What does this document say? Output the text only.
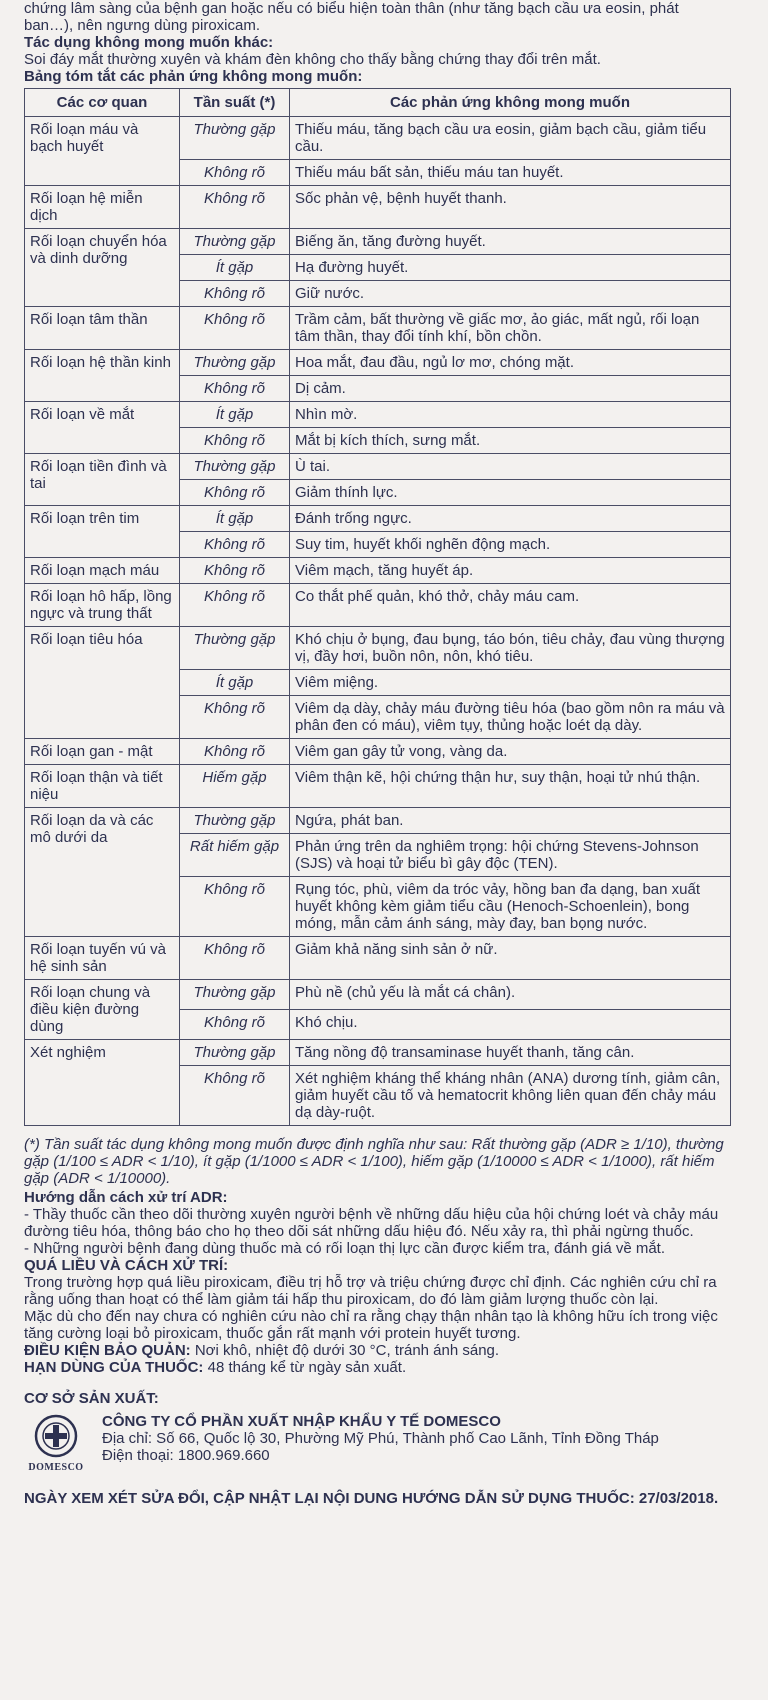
chứng lâm sàng của bệnh gan hoặc nếu có biểu hiện toàn thân (như tăng bạch cầu ưa eosin, phát

ban…), nên ngưng dùng piroxicam.

Tác dụng không mong muốn khác:

Soi đáy mắt thường xuyên và khám đèn không cho thấy bằng chứng thay đổi trên mắt.

Bảng tóm tắt các phản ứng không mong muốn:

Các cơ quan	Tần suất (*)	Các phản ứng không mong muốn
Rối loạn máu và bạch huyết	Thường gặp	Thiếu máu, tăng bạch cầu ưa eosin, giảm bạch cầu, giảm tiểu cầu.
	Không rõ	Thiếu máu bất sản, thiếu máu tan huyết.
Rối loạn hệ miễn dịch	Không rõ	Sốc phản vệ, bệnh huyết thanh.
Rối loạn chuyển hóa và dinh dưỡng	Thường gặp	Biếng ăn, tăng đường huyết.
	Ít gặp	Hạ đường huyết.
	Không rõ	Giữ nước.
Rối loạn tâm thần	Không rõ	Trầm cảm, bất thường về giấc mơ, ảo giác, mất ngủ, rối loạn tâm thần, thay đổi tính khí, bồn chồn.
Rối loạn hệ thần kinh	Thường gặp	Hoa mắt, đau đầu, ngủ lơ mơ, chóng mặt.
	Không rõ	Dị cảm.
Rối loạn về mắt	Ít gặp	Nhìn mờ.
	Không rõ	Mắt bị kích thích, sưng mắt.
Rối loạn tiền đình và tai	Thường gặp	Ù tai.
	Không rõ	Giảm thính lực.
Rối loạn trên tim	Ít gặp	Đánh trống ngực.
	Không rõ	Suy tim, huyết khối nghẽn động mạch.
Rối loạn mạch máu	Không rõ	Viêm mạch, tăng huyết áp.
Rối loạn hô hấp, lồng ngực và trung thất	Không rõ	Co thắt phế quản, khó thở, chảy máu cam.
Rối loạn tiêu hóa	Thường gặp	Khó chịu ở bụng, đau bụng, táo bón, tiêu chảy, đau vùng thượng vị, đầy hơi, buồn nôn, nôn, khó tiêu.
	Ít gặp	Viêm miệng.
	Không rõ	Viêm dạ dày, chảy máu đường tiêu hóa (bao gồm nôn ra máu và phân đen có máu), viêm tụy, thủng hoặc loét dạ dày.
Rối loạn gan - mật	Không rõ	Viêm gan gây tử vong, vàng da.
Rối loạn thận và tiết niệu	Hiếm gặp	Viêm thận kẽ, hội chứng thận hư, suy thận, hoại tử nhú thận.
Rối loạn da và các mô dưới da	Thường gặp	Ngứa, phát ban.
	Rất hiếm gặp	Phản ứng trên da nghiêm trọng: hội chứng Stevens-Johnson (SJS) và hoại tử biểu bì gây độc (TEN).
	Không rõ	Rụng tóc, phù, viêm da tróc vảy, hồng ban đa dạng, ban xuất huyết không kèm giảm tiểu cầu (Henoch-Schoenlein), bong móng, mẫn cảm ánh sáng, mày đay, ban bọng nước.
Rối loạn tuyến vú và hệ sinh sản	Không rõ	Giảm khả năng sinh sản ở nữ.
Rối loạn chung và điều kiện đường dùng	Thường gặp	Phù nề (chủ yếu là mắt cá chân).
	Không rõ	Khó chịu.
Xét nghiệm	Thường gặp	Tăng nồng độ transaminase huyết thanh, tăng cân.
	Không rõ	Xét nghiệm kháng thể kháng nhân (ANA) dương tính, giảm cân, giảm huyết cầu tố và hematocrit không liên quan đến chảy máu dạ dày-ruột.

(*) Tần suất tác dụng không mong muốn được định nghĩa như sau: Rất thường gặp (ADR ≥ 1/10), thường gặp (1/100 ≤ ADR < 1/10), ít gặp (1/1000 ≤ ADR < 1/100), hiếm gặp (1/10000 ≤ ADR < 1/1000), rất hiếm gặp (ADR < 1/10000).

Hướng dẫn cách xử trí ADR:

- Thầy thuốc cần theo dõi thường xuyên người bệnh về những dấu hiệu của hội chứng loét và chảy máu đường tiêu hóa, thông báo cho họ theo dõi sát những dấu hiệu đó. Nếu xảy ra, thì phải ngừng thuốc.

- Những người bệnh đang dùng thuốc mà có rối loạn thị lực cần được kiểm tra, đánh giá về mắt.

QUÁ LIỀU VÀ CÁCH XỬ TRÍ:

Trong trường hợp quá liều piroxicam, điều trị hỗ trợ và triệu chứng được chỉ định. Các nghiên cứu chỉ ra rằng uống than hoạt có thể làm giảm tái hấp thu piroxicam, do đó làm giảm lượng thuốc còn lại.

Mặc dù cho đến nay chưa có nghiên cứu nào chỉ ra rằng chạy thận nhân tạo là không hữu ích trong việc tăng cường loại bỏ piroxicam, thuốc gắn rất mạnh với protein huyết tương.

ĐIỀU KIỆN BẢO QUẢN: Nơi khô, nhiệt độ dưới 30 °C, tránh ánh sáng.

HẠN DÙNG CỦA THUỐC: 48 tháng kể từ ngày sản xuất.

CƠ SỞ SẢN XUẤT:

DOMESCO
CÔNG TY CỔ PHẦN XUẤT NHẬP KHẨU Y TẾ DOMESCO
Địa chỉ: Số 66, Quốc lộ 30, Phường Mỹ Phú, Thành phố Cao Lãnh, Tỉnh Đồng Tháp
Điện thoại: 1800.969.660

NGÀY XEM XÉT SỬA ĐỔI, CẬP NHẬT LẠI NỘI DUNG HƯỚNG DẪN SỬ DỤNG THUỐC: 27/03/2018.
